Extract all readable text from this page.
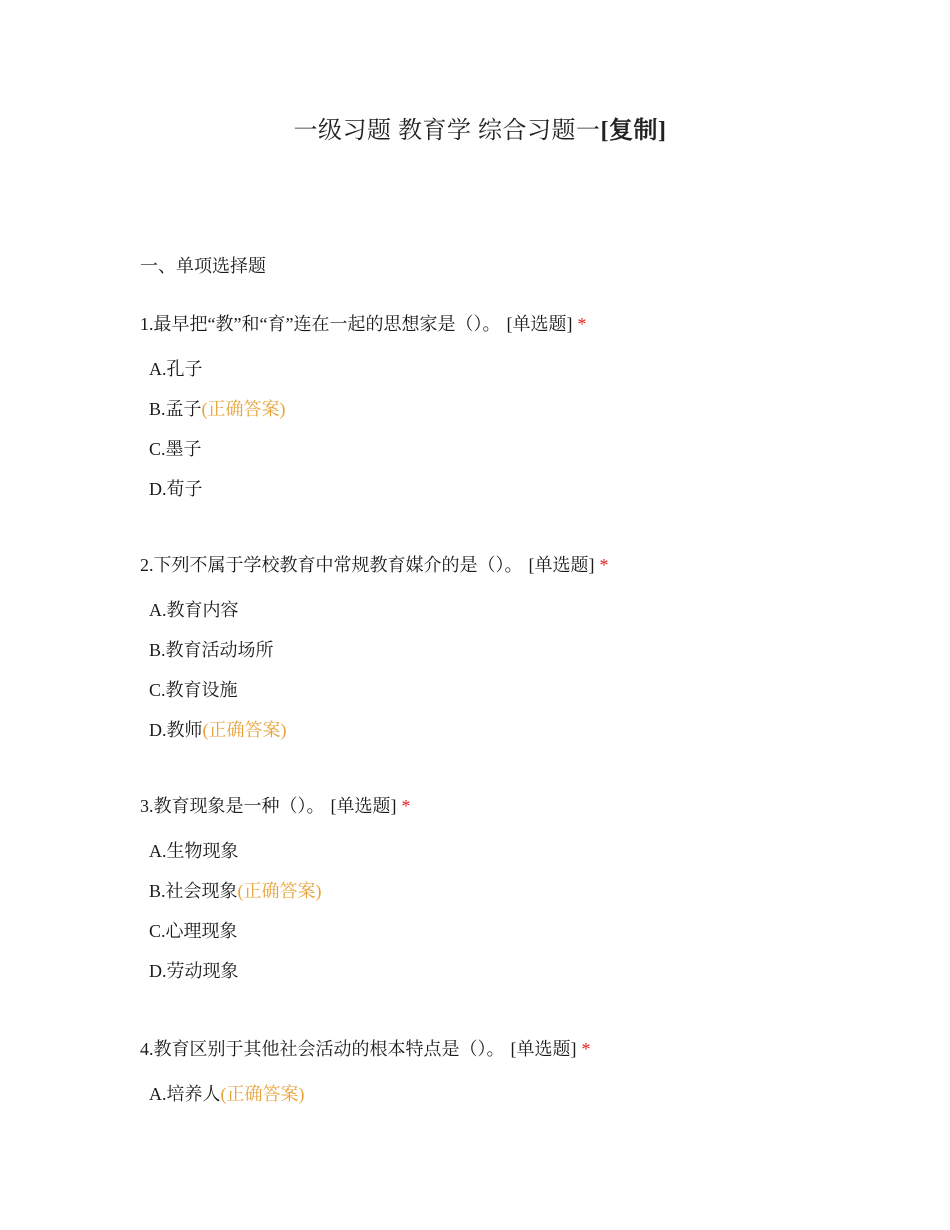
一级习题 教育学 综合习题一[复制]
一、单项选择题
1.最早把“教”和“育”连在一起的思想家是（）。 [单选题] *
A.孔子
B.孟子(正确答案)
C.墨子
D.荀子
2.下列不属于学校教育中常规教育媒介的是（）。 [单选题] *
A.教育内容
B.教育活动场所
C.教育设施
D.教师(正确答案)
3.教育现象是一种（）。 [单选题] *
A.生物现象
B.社会现象(正确答案)
C.心理现象
D.劳动现象
4.教育区别于其他社会活动的根本特点是（）。 [单选题] *
A.培养人(正确答案)
